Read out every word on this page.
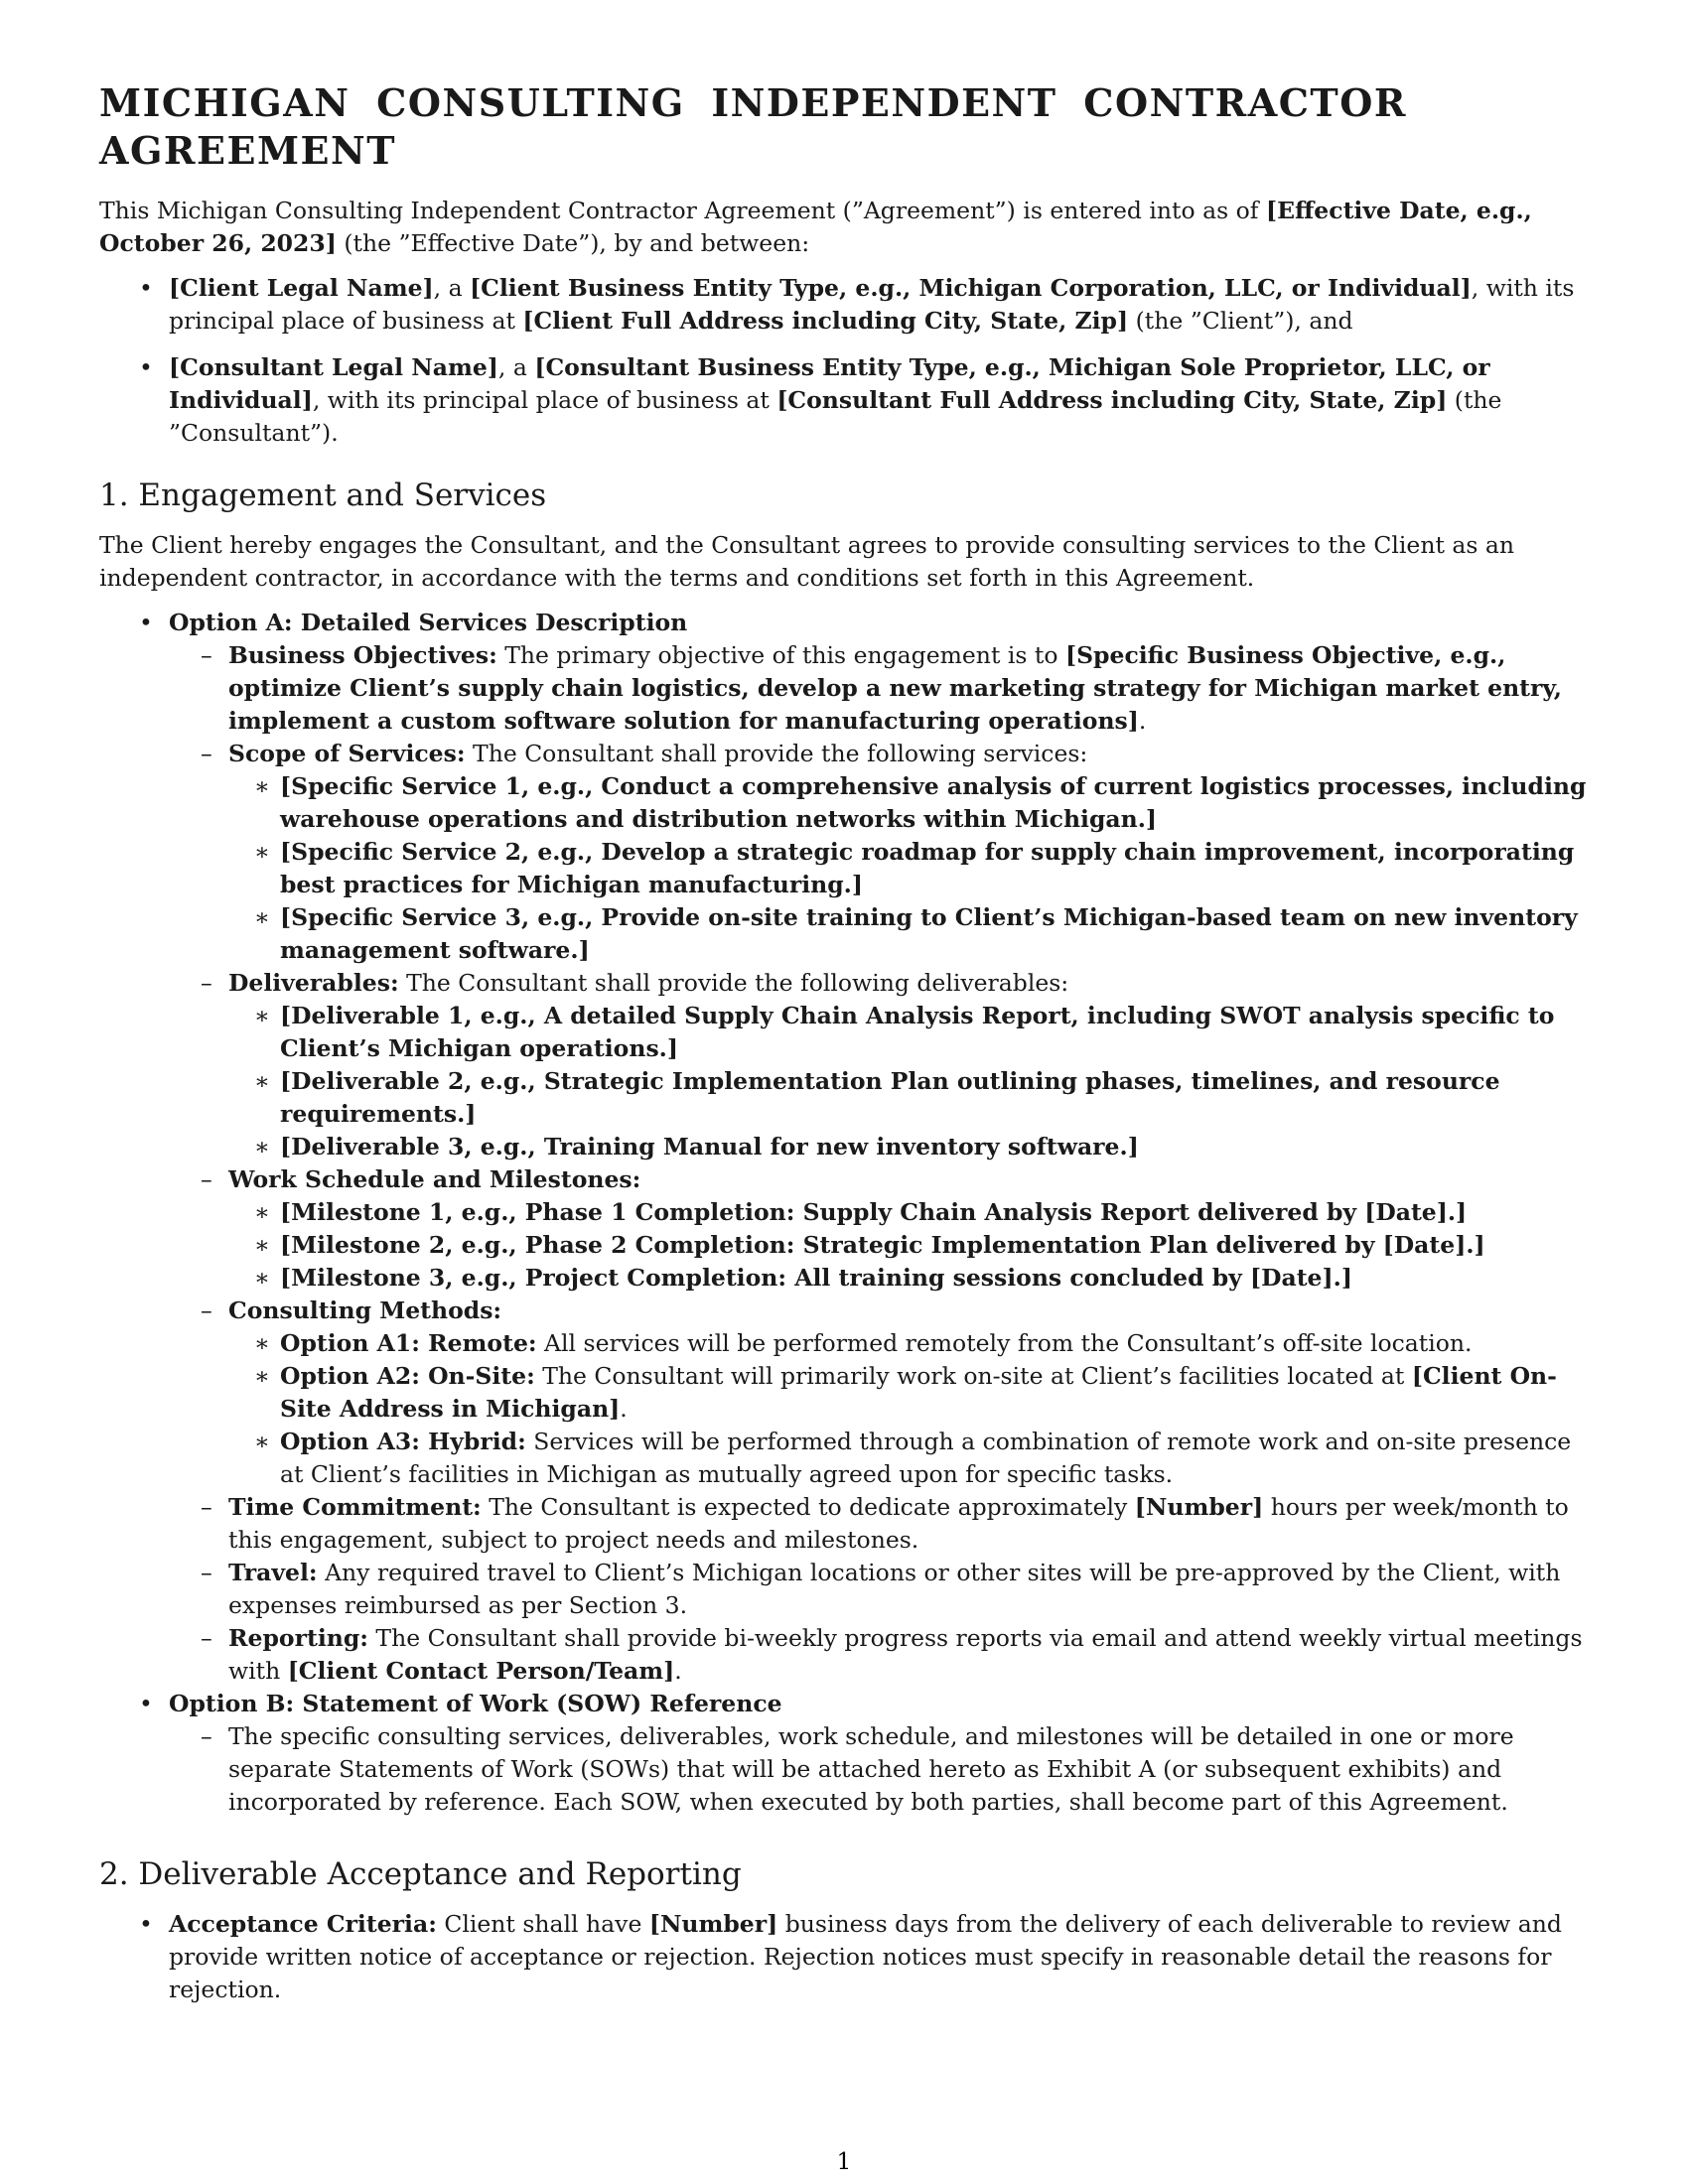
MICHIGAN CONSULTING INDEPENDENT CONTRACTOR AGREEMENT

This Michigan Consulting Independent Contractor Agreement (”Agreement”) is entered into as of [Effective Date, e.g., October 26, 2023] (the ”Effective Date”), by and between:

• [Client Legal Name], a [Client Business Entity Type, e.g., Michigan Corporation, LLC, or Individual], with its principal place of business at [Client Full Address including City, State, Zip] (the ”Client”), and
• [Consultant Legal Name], a [Consultant Business Entity Type, e.g., Michigan Sole Proprietor, LLC, or Individual], with its principal place of business at [Consultant Full Address including City, State, Zip] (the ”Consultant”).
1. Engagement and Services

The Client hereby engages the Consultant, and the Consultant agrees to provide consulting services to the Client as an independent contractor, in accordance with the terms and conditions set forth in this Agreement.

• Option A: Detailed Services Description
– Business Objectives: The primary objective of this engagement is to [Specific Business Objective, e.g., optimize Client’s supply chain logistics, develop a new marketing strategy for Michigan market entry, implement a custom software solution for manufacturing operations].
– Scope of Services: The Consultant shall provide the following services:
∗ [Specific Service 1, e.g., Conduct a comprehensive analysis of current logistics processes, including warehouse operations and distribution networks within Michigan.]
∗ [Specific Service 2, e.g., Develop a strategic roadmap for supply chain improvement, incorporating best practices for Michigan manufacturing.]
∗ [Specific Service 3, e.g., Provide on-site training to Client’s Michigan-based team on new inventory management software.]
– Deliverables: The Consultant shall provide the following deliverables:
∗ [Deliverable 1, e.g., A detailed Supply Chain Analysis Report, including SWOT analysis specific to Client’s Michigan operations.]
∗ [Deliverable 2, e.g., Strategic Implementation Plan outlining phases, timelines, and resource requirements.]
∗ [Deliverable 3, e.g., Training Manual for new inventory software.]
– Work Schedule and Milestones:
∗ [Milestone 1, e.g., Phase 1 Completion: Supply Chain Analysis Report delivered by [Date].]
∗ [Milestone 2, e.g., Phase 2 Completion: Strategic Implementation Plan delivered by [Date].]
∗ [Milestone 3, e.g., Project Completion: All training sessions concluded by [Date].]
– Consulting Methods:
∗ Option A1: Remote: All services will be performed remotely from the Consultant’s off-site location.
∗ Option A2: On-Site: The Consultant will primarily work on-site at Client’s facilities located at [Client On-Site Address in Michigan].
∗ Option A3: Hybrid: Services will be performed through a combination of remote work and on-site presence at Client’s facilities in Michigan as mutually agreed upon for specific tasks.
– Time Commitment: The Consultant is expected to dedicate approximately [Number] hours per week/month to this engagement, subject to project needs and milestones.
– Travel: Any required travel to Client’s Michigan locations or other sites will be pre-approved by the Client, with expenses reimbursed as per Section 3.
– Reporting: The Consultant shall provide bi-weekly progress reports via email and attend weekly virtual meetings with [Client Contact Person/Team].
• Option B: Statement of Work (SOW) Reference
– The specific consulting services, deliverables, work schedule, and milestones will be detailed in one or more separate Statements of Work (SOWs) that will be attached hereto as Exhibit A (or subsequent exhibits) and incorporated by reference. Each SOW, when executed by both parties, shall become part of this Agreement.
2. Deliverable Acceptance and Reporting
• Acceptance Criteria: Client shall have [Number] business days from the delivery of each deliverable to review and provide written notice of acceptance or rejection. Rejection notices must specify in reasonable detail the reasons for rejection.
1
